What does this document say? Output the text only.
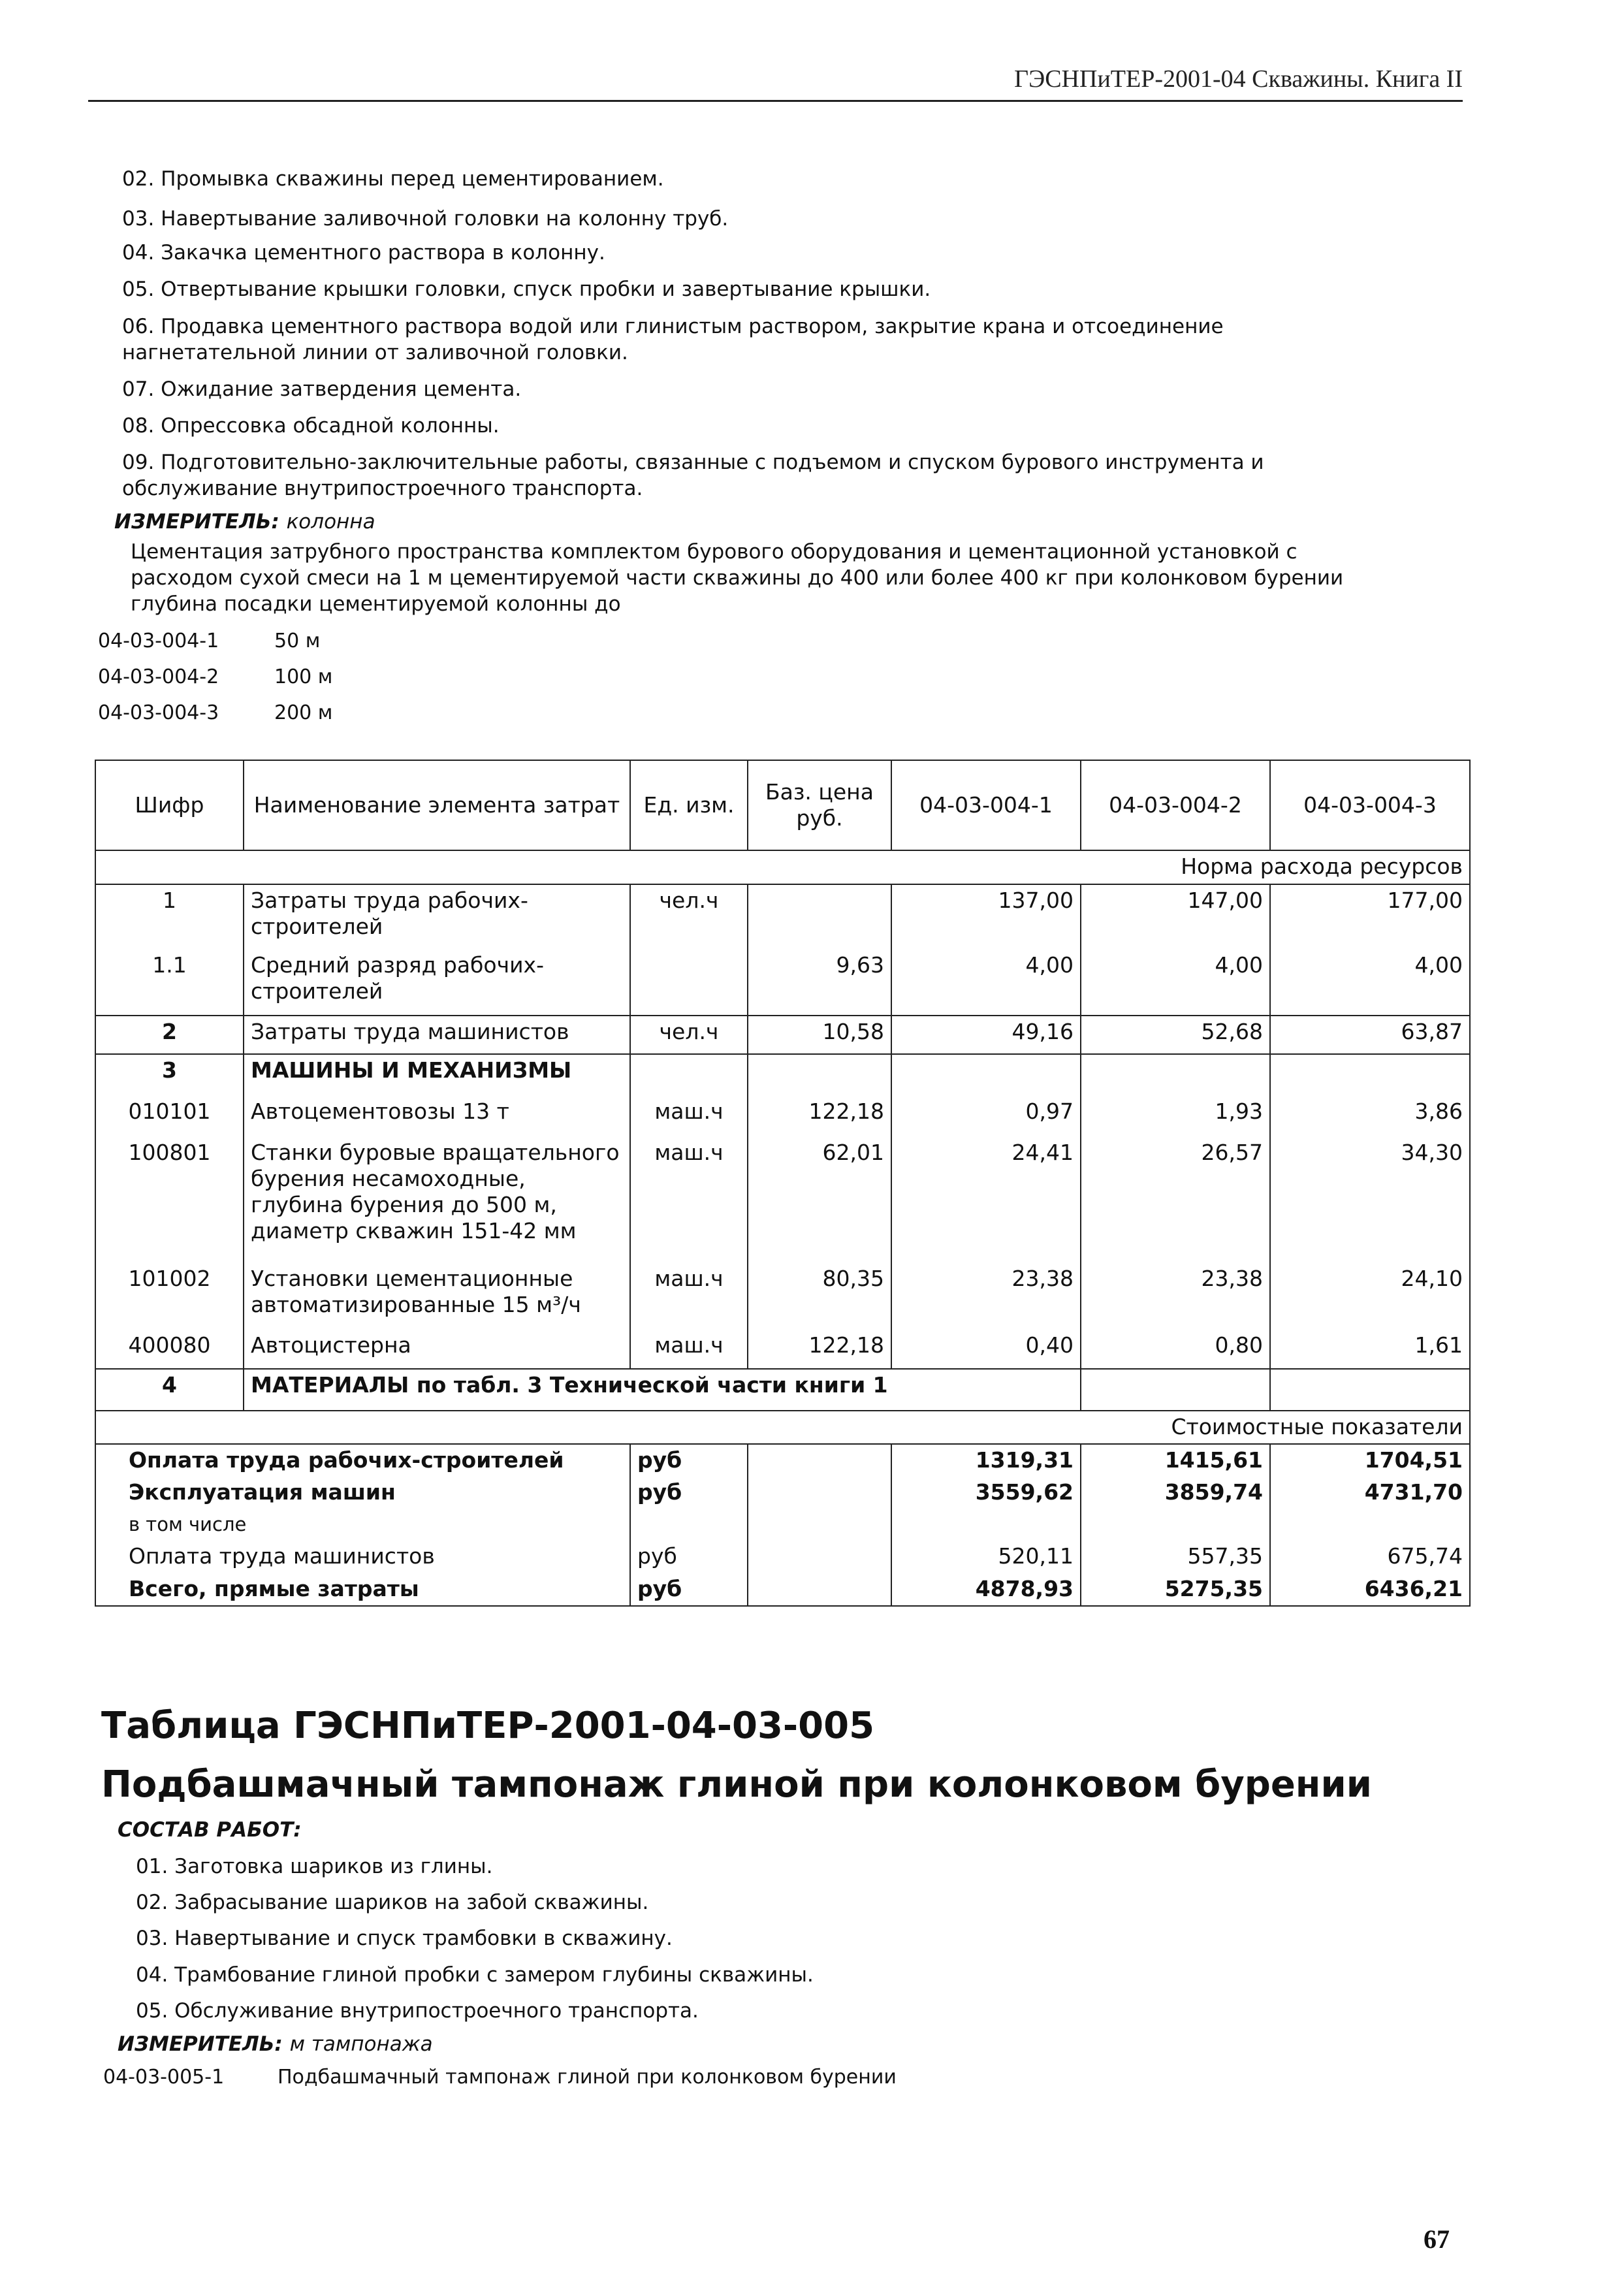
ГЭСНПиТЕР-2001-04 Скважины. Книга II
02. Промывка скважины перед цементированием.
03. Навертывание заливочной головки на колонну труб.
04. Закачка цементного раствора в колонну.
05. Отвертывание крышки головки, спуск пробки и завертывание крышки.
06. Продавка цементного раствора водой или глинистым раствором, закрытие крана и отсоединение
нагнетательной линии от заливочной головки.
07. Ожидание затвердения цемента.
08. Опрессовка обсадной колонны.
09. Подготовительно-заключительные работы, связанные с подъемом и спуском бурового инструмента и
обслуживание внутрипостроечного транспорта.
ИЗМЕРИТЕЛЬ: колонна
Цементация затрубного пространства комплектом бурового оборудования и цементационной установкой с
расходом сухой смеси на 1 м цементируемой части скважины до 400 или более 400 кг при колонковом бурении
глубина посадки цементируемой колонны до
04-03-004-1	50 м
04-03-004-2	100 м
04-03-004-3	200 м
Шифр	Наименование элемента затрат	Ед. изм.	Баз. цена руб.	04-03-004-1	04-03-004-2	04-03-004-3
Норма расхода ресурсов						
1	Затраты труда рабочих-строителей	чел.ч		137,00	147,00	177,00
1.1	Средний разряд рабочих-строителей		9,63	4,00	4,00	4,00
2	Затраты труда машинистов	чел.ч	10,58	49,16	52,68	63,87
3	МАШИНЫ И МЕХАНИЗМЫ					
010101	Автоцементовозы 13 т	маш.ч	122,18	0,97	1,93	3,86
100801	Станки буровые вращательного бурения несамоходные, глубина бурения до 500 м, диаметр скважин 151-42 мм	маш.ч	62,01	24,41	26,57	34,30
101002	Установки цементационные автоматизированные 15 м³/ч	маш.ч	80,35	23,38	23,38	24,10
400080	Автоцистерна	маш.ч	122,18	0,40	0,80	1,61
4	МАТЕРИАЛЫ по табл. 3 Технической части книги 1					
Стоимостные показатели						
Оплата труда рабочих-строителей		руб		1319,31	1415,61	1704,51
Эксплуатация машин		руб		3559,62	3859,74	4731,70
в том числе						
Оплата труда машинистов		руб		520,11	557,35	675,74
Всего, прямые затраты		руб		4878,93	5275,35	6436,21
Таблица ГЭСНПиТЕР-2001-04-03-005
Подбашмачный тампонаж глиной при колонковом бурении
СОСТАВ РАБОТ:
01. Заготовка шариков из глины.
02. Забрасывание шариков на забой скважины.
03. Навертывание и спуск трамбовки в скважину.
04. Трамбование глиной пробки с замером глубины скважины.
05. Обслуживание внутрипостроечного транспорта.
ИЗМЕРИТЕЛЬ: м тампонажа
04-03-005-1	Подбашмачный тампонаж глиной при колонковом бурении
67
